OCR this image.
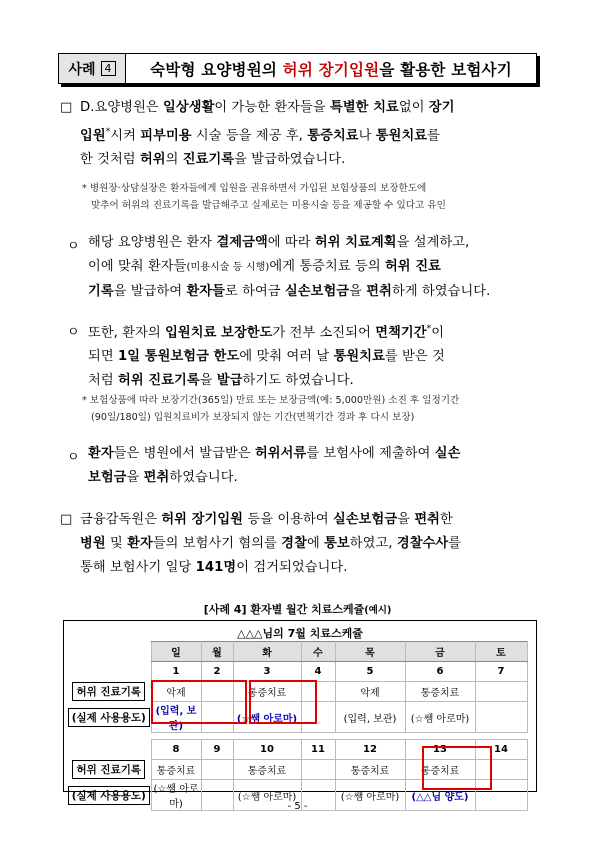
사례 4	숙박형 요양병원의 허위 장기입원을 활용한 보험사기
□ D.요양병원은 일상생활이 가능한 환자들을 특별한 치료없이 장기
입원*시켜 피부미용 시술 등을 제공 후, 통증치료나 통원치료를
한 것처럼 허위의 진료기록을 발급하였습니다.
* 병원장·상담실장은 환자들에게 입원을 권유하면서 가입된 보험상품의 보장한도에
맞추어 허위의 진료기록을 발급해주고 실제로는 미용시술 등을 제공할 수 있다고 유인
ㅇ 해당 요양병원은 환자 결제금액에 따라 허위 치료계획을 설계하고,
이에 맞춰 환자들(미용시술 등 시행)에게 통증치료 등의 허위 진료
기록을 발급하여 환자들로 하여금 실손보험금을 편취하게 하였습니다.
ㅇ 또한, 환자의 입원치료 보장한도가 전부 소진되어 면책기간*이
되면 1일 통원보험금 한도에 맞춰 여러 날 통원치료를 받은 것
처럼 허위 진료기록을 발급하기도 하였습니다.
* 보험상품에 따라 보장기간(365일) 만료 또는 보장금액(예: 5,000만원) 소진 후 일정기간
(90일/180일) 입원치료비가 보장되지 않는 기간(면책기간 경과 후 다시 보장)
ㅇ 환자들은 병원에서 발급받은 허위서류를 보험사에 제출하여 실손
보험금을 편취하였습니다.
□ 금융감독원은 허위 장기입원 등을 이용하여 실손보험금을 편취한
병원 및 환자들의 보험사기 혐의를 경찰에 통보하였고, 경찰수사를
통해 보험사기 일당 141명이 검거되었습니다.
[사례 4] 환자별 월간 치료스케쥴(예시)
△△△님의 7월 치료스케쥴
	일	월	화	수	목	금	토
	1	2	3	4	5	6	7
허위 진료기록	악제		통증치료		악제	통증치료	
(실제 사용용도)	(입력, 보관)		(☆쌤 아로마)		(입력, 보관)	(☆쌤 아로마)	

	8	9	10	11	12	13	14
허위 진료기록	통증치료		통증치료		통증치료	통증치료	
(실제 사용용도)	(☆쌤 아로마)		(☆쌤 아로마)		(☆쌤 아로마)	(△△님 양도)	
- 5 -
